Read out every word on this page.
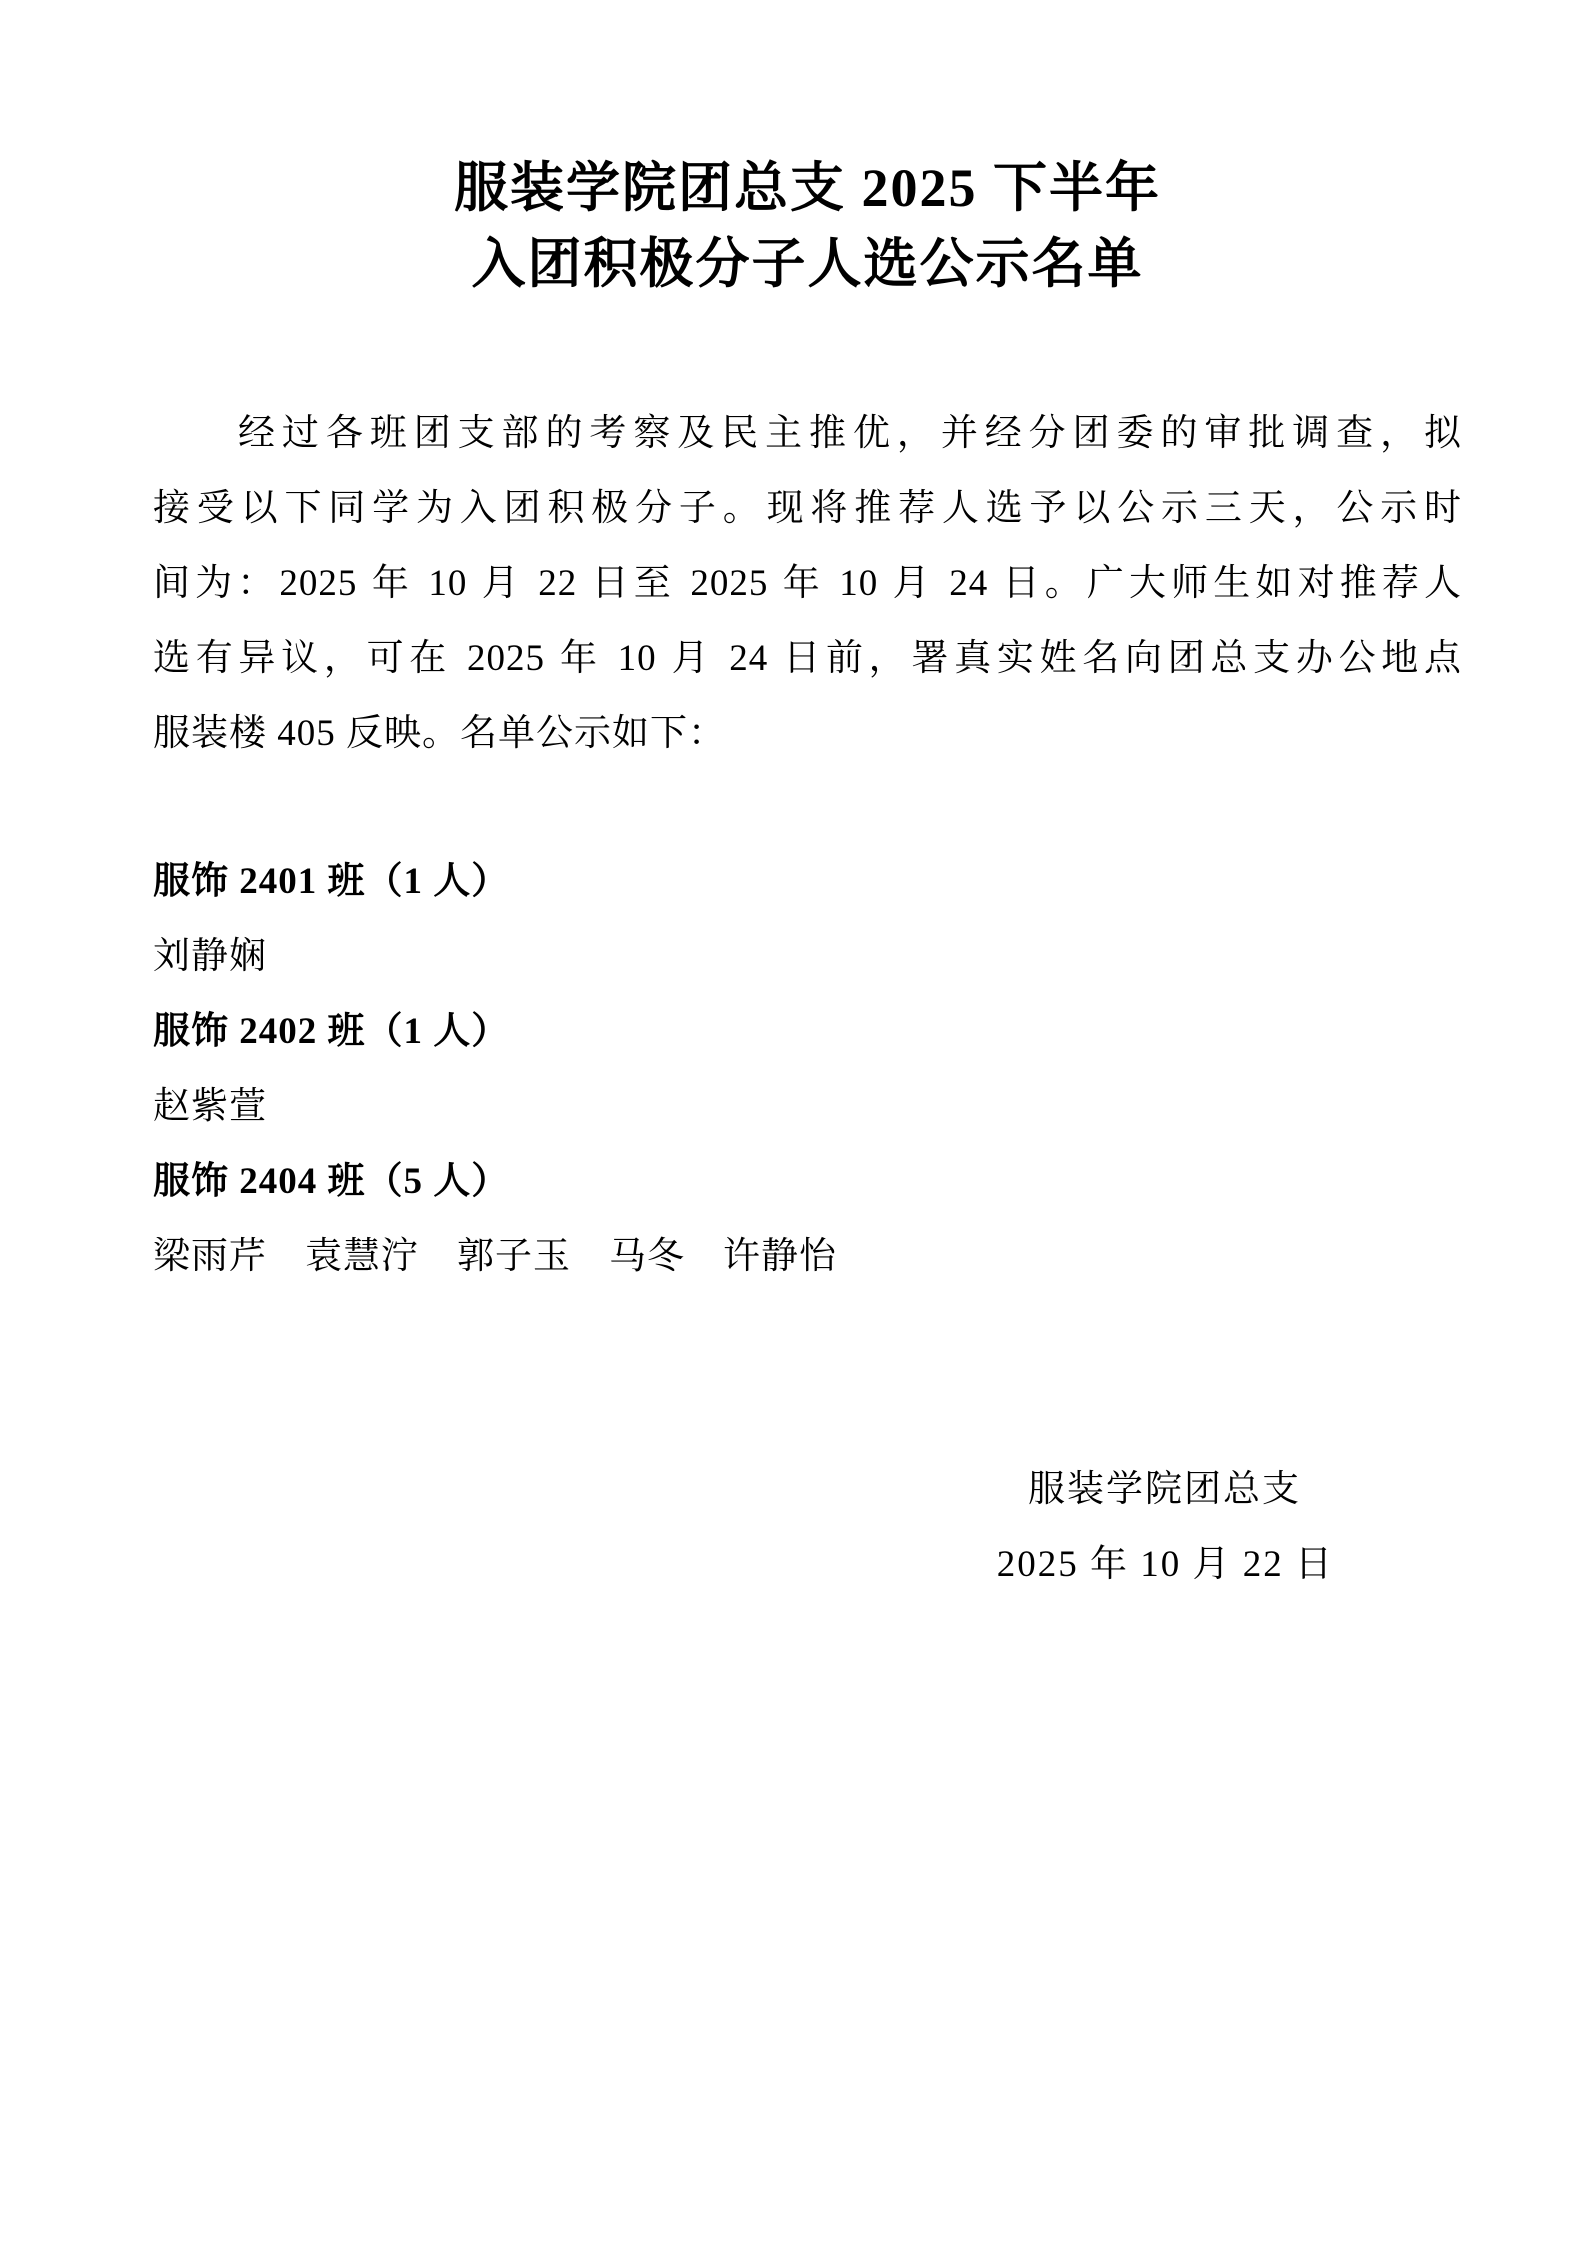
服装学院团总支 2025 下半年
入团积极分子人选公示名单
经过各班团支部的考察及民主推优，并经分团委的审批调查，拟
接受以下同学为入团积极分子。现将推荐人选予以公示三天，公示时
间为：2025 年 10 月 22 日至 2025 年 10 月 24 日。广大师生如对推荐人
选有异议，可在 2025 年 10 月 24 日前，署真实姓名向团总支办公地点
服装楼 405 反映。名单公示如下：
服饰 2401 班（1 人）
刘静娴
服饰 2402 班（1 人）
赵紫萱
服饰 2404 班（5 人）
梁雨芹　袁慧泞　郭子玉　马冬　许静怡
服装学院团总支
2025 年 10 月 22 日
